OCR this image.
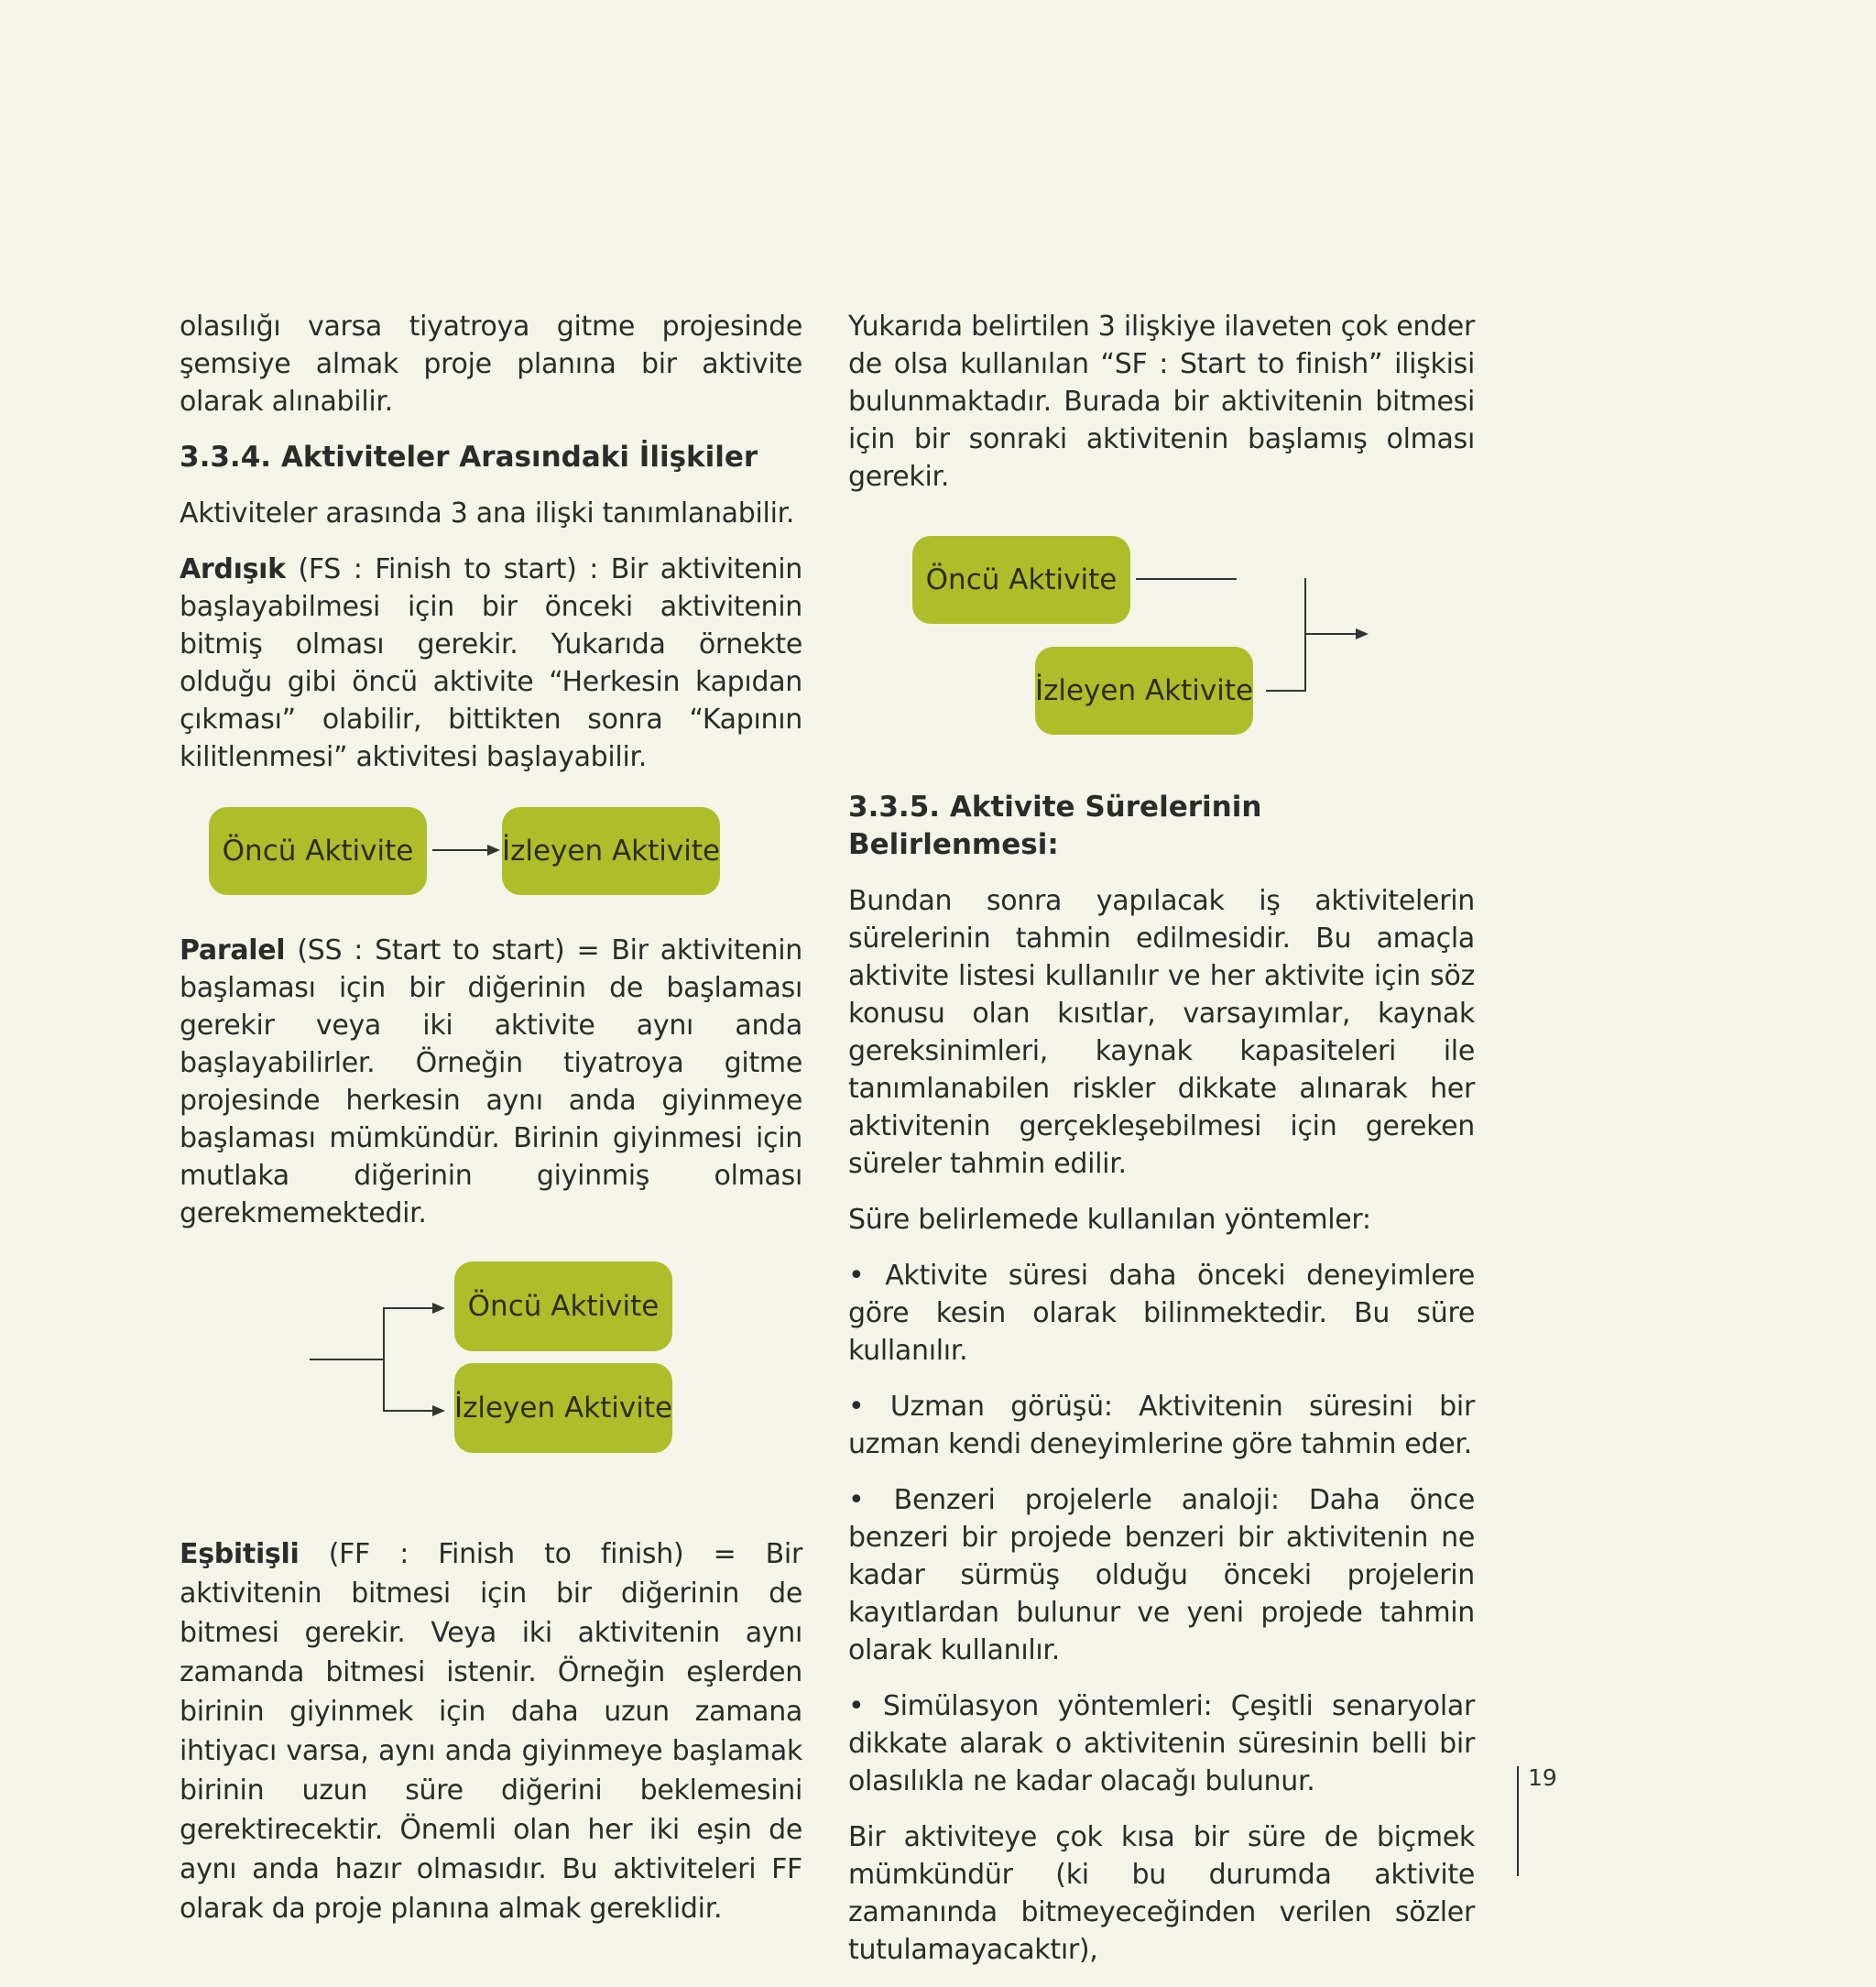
olasılığı varsa tiyatroya gitme projesinde şemsiye almak proje planına bir aktivite olarak alınabilir.

3.3.4. Aktiviteler Arasındaki İlişkiler

Aktiviteler arasında 3 ana ilişki tanımlanabilir.

Ardışık (FS : Finish to start) : Bir aktivitenin başlayabilmesi için bir önceki aktivitenin bitmiş olması gerekir. Yukarıda örnekte olduğu gibi öncü aktivite “Herkesin kapıdan çıkması” olabilir, bittikten sonra “Kapının kilitlenmesi” aktivitesi başlayabilir.

Öncü Aktivite	İzleyen Aktivite

Paralel (SS : Start to start) = Bir aktivitenin başlaması için bir diğerinin de başlaması gerekir veya iki aktivite aynı anda başlayabilirler. Örneğin tiyatroya gitme projesinde herkesin aynı anda giyinmeye başlaması mümkündür. Birinin giyinmesi için mutlaka diğerinin giyinmiş olması gerekmemektedir.

Öncü Aktivite
İzleyen Aktivite

Eşbitişli (FF : Finish to finish) = Bir aktivitenin bitmesi için bir diğerinin de bitmesi gerekir. Veya iki aktivitenin aynı zamanda bitmesi istenir. Örneğin eşlerden birinin giyinmek için daha uzun zamana ihtiyacı varsa, aynı anda giyinmeye başlamak birinin uzun süre diğerini beklemesini gerektirecektir. Önemli olan her iki eşin de aynı anda hazır olmasıdır. Bu aktiviteleri FF olarak da proje planına almak gereklidir.

Yukarıda belirtilen 3 ilişkiye ilaveten çok ender de olsa kullanılan “SF : Start to finish” ilişkisi bulunmaktadır. Burada bir aktivitenin bitmesi için bir sonraki aktivitenin başlamış olması gerekir.

Öncü Aktivite
İzleyen Aktivite
3.3.5. Aktivite Sürelerinin Belirlenmesi:

Bundan sonra yapılacak iş aktivitelerin sürelerinin tahmin edilmesidir. Bu amaçla aktivite listesi kullanılır ve her aktivite için söz konusu olan kısıtlar, varsayımlar, kaynak gereksinimleri, kaynak kapasiteleri ile tanımlanabilen riskler dikkate alınarak her aktivitenin gerçekleşebilmesi için gereken süreler tahmin edilir.

Süre belirlemede kullanılan yöntemler:

• Aktivite süresi daha önceki deneyimlere göre kesin olarak bilinmektedir. Bu süre kullanılır.

• Uzman görüşü: Aktivitenin süresini bir uzman kendi deneyimlerine göre tahmin eder.

• Benzeri projelerle analoji: Daha önce benzeri bir projede benzeri bir aktivitenin ne kadar sürmüş olduğu önceki projelerin kayıtlardan bulunur ve yeni projede tahmin olarak kullanılır.

• Simülasyon yöntemleri: Çeşitli senaryolar dikkate alarak o aktivitenin süresinin belli bir olasılıkla ne kadar olacağı bulunur.

Bir aktiviteye çok kısa bir süre de biçmek mümkündür (ki bu durumda aktivite zamanında bitmeyeceğinden verilen sözler tutulamayacaktır),

19
